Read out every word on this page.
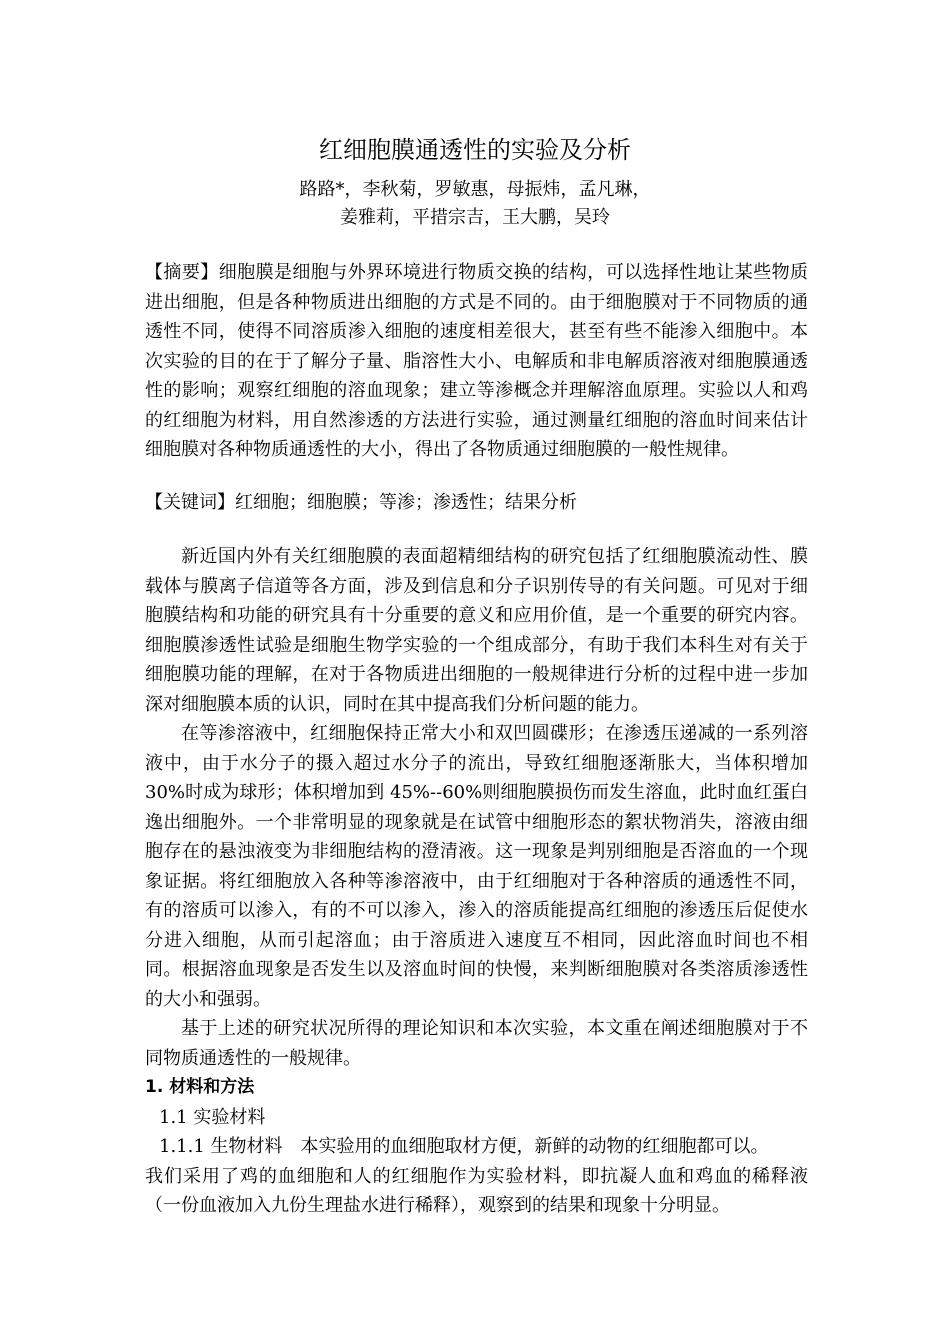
红细胞膜通透性的实验及分析
路路*，李秋菊，罗敏惠，母振炜，孟凡琳，
姜雅莉，平措宗吉，王大鹏，吴玲
【摘要】细胞膜是细胞与外界环境进行物质交换的结构，可以选择性地让某些物质进出细胞，但是各种物质进出细胞的方式是不同的。由于细胞膜对于不同物质的通透性不同，使得不同溶质渗入细胞的速度相差很大，甚至有些不能渗入细胞中。本次实验的目的在于了解分子量、脂溶性大小、电解质和非电解质溶液对细胞膜通透性的影响；观察红细胞的溶血现象；建立等渗概念并理解溶血原理。实验以人和鸡的红细胞为材料，用自然渗透的方法进行实验，通过测量红细胞的溶血时间来估计细胞膜对各种物质通透性的大小，得出了各物质通过细胞膜的一般性规律。
【关键词】红细胞；细胞膜；等渗；渗透性；结果分析

新近国内外有关红细胞膜的表面超精细结构的研究包括了红细胞膜流动性、膜载体与膜离子信道等各方面，涉及到信息和分子识别传导的有关问题。可见对于细胞膜结构和功能的研究具有十分重要的意义和应用价值，是一个重要的研究内容。细胞膜渗透性试验是细胞生物学实验的一个组成部分，有助于我们本科生对有关于细胞膜功能的理解，在对于各物质进出细胞的一般规律进行分析的过程中进一步加深对细胞膜本质的认识，同时在其中提高我们分析问题的能力。

在等渗溶液中，红细胞保持正常大小和双凹圆碟形；在渗透压递减的一系列溶液中，由于水分子的摄入超过水分子的流出，导致红细胞逐渐胀大，当体积增加 30%时成为球形；体积增加到 45%--60%则细胞膜损伤而发生溶血，此时血红蛋白逸出细胞外。一个非常明显的现象就是在试管中细胞形态的絮状物消失，溶液由细胞存在的悬浊液变为非细胞结构的澄清液。这一现象是判别细胞是否溶血的一个现象证据。将红细胞放入各种等渗溶液中，由于红细胞对于各种溶质的通透性不同，有的溶质可以渗入，有的不可以渗入，渗入的溶质能提高红细胞的渗透压后促使水分进入细胞，从而引起溶血；由于溶质进入速度互不相同，因此溶血时间也不相同。根据溶血现象是否发生以及溶血时间的快慢，来判断细胞膜对各类溶质渗透性的大小和强弱。

基于上述的研究状况所得的理论知识和本次实验，本文重在阐述细胞膜对于不同物质通透性的一般规律。

1. 材料和方法
1.1 实验材料
1.1.1 生物材料 本实验用的血细胞取材方便，新鲜的动物的红细胞都可以。
我们采用了鸡的血细胞和人的红细胞作为实验材料，即抗凝人血和鸡血的稀释液（一份血液加入九份生理盐水进行稀释），观察到的结果和现象十分明显。
